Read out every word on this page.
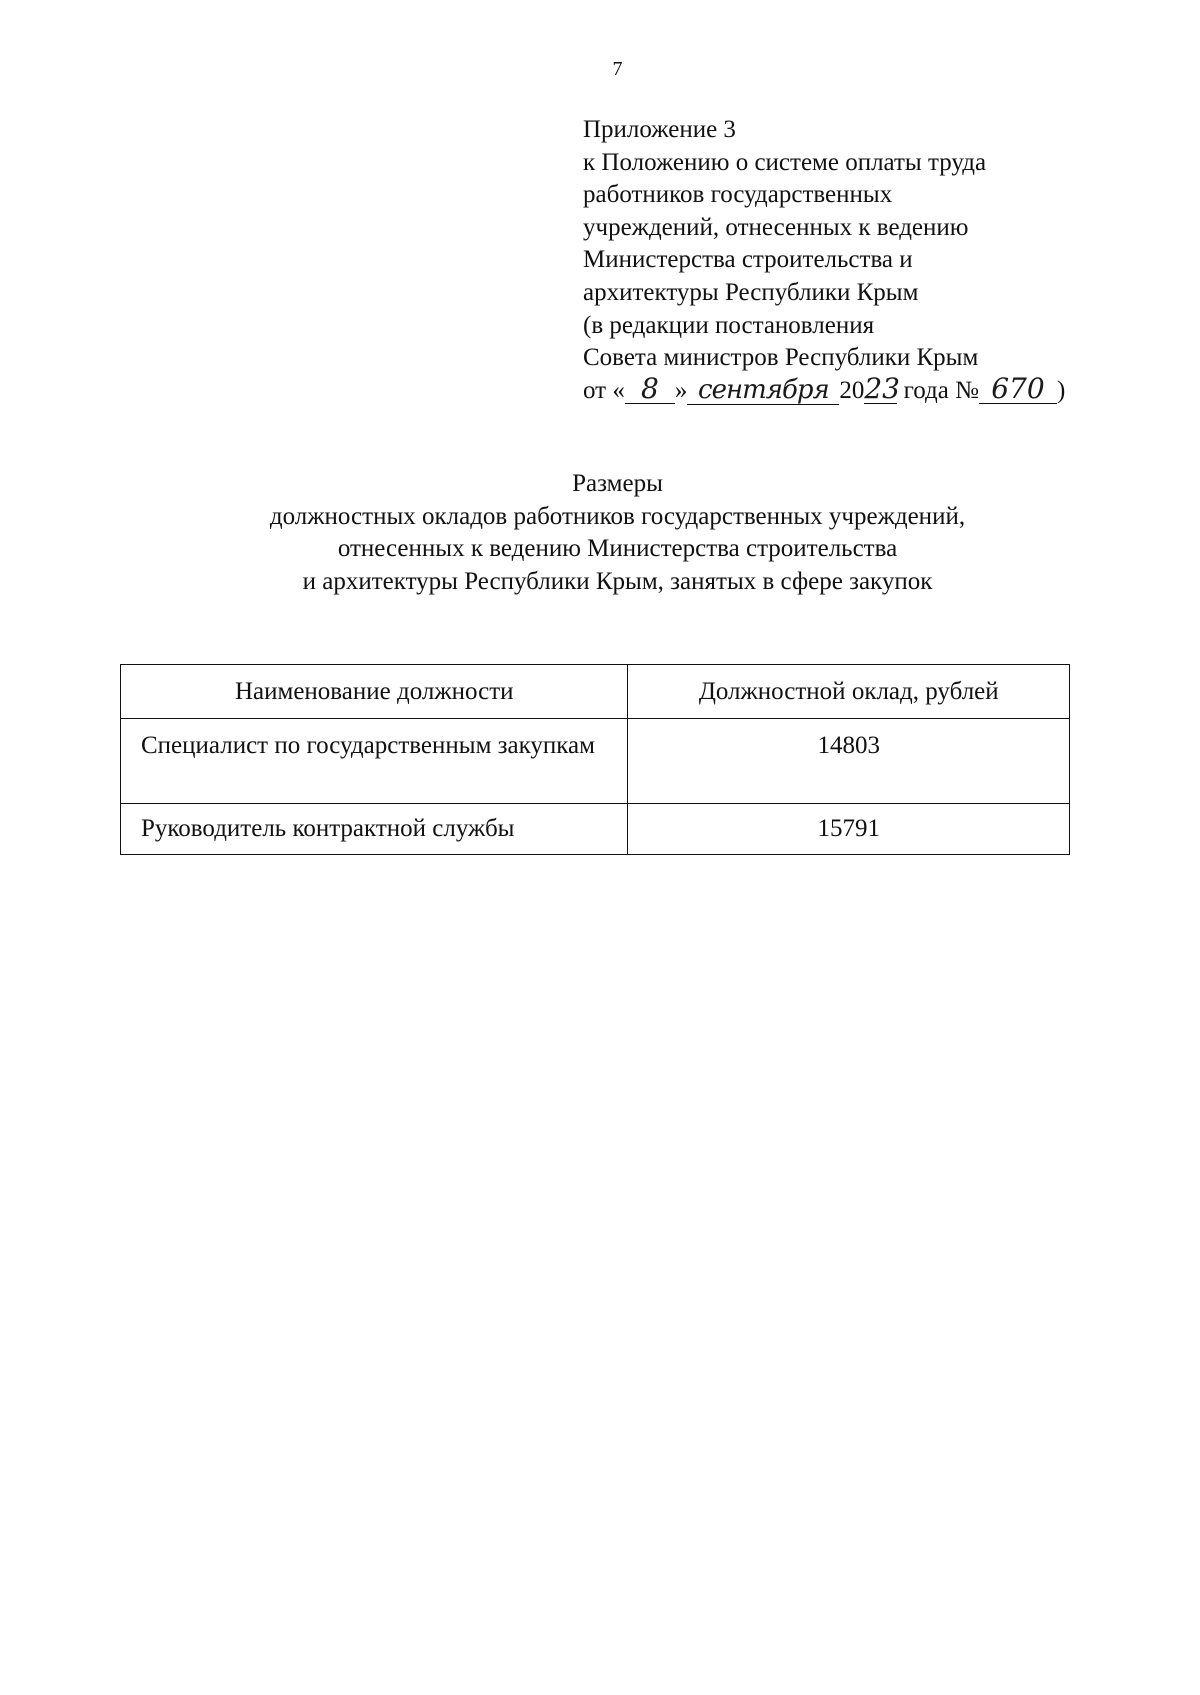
7
Приложение 3
к Положению о системе оплаты труда
работников государственных
учреждений, отнесенных к ведению
Министерства строительства и
архитектуры Республики Крым
(в редакции постановления
Совета министров Республики Крым
от « 8 » сентября 2023 года № 670 )
Размеры
должностных окладов работников государственных учреждений,
отнесенных к ведению Министерства строительства
и архитектуры Республики Крым, занятых в сфере закупок
Наименование должности	Должностной оклад, рублей
Специалист по государственным закупкам	14803
Руководитель контрактной службы	15791
